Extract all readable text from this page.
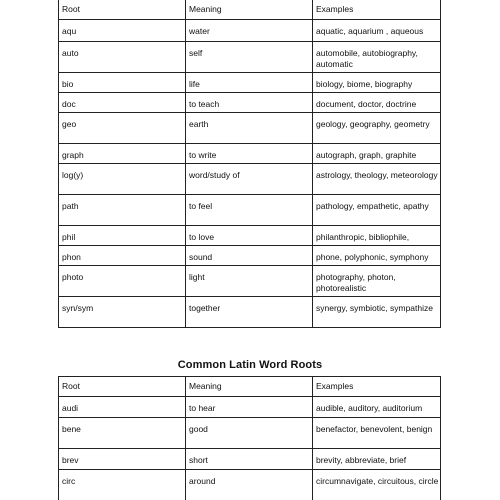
Root	Meaning	Examples
aqu	water	aquatic, aquarium , aqueous
auto	self	automobile, autobiography, automatic
bio	life	biology, biome, biography
doc	to teach	document, doctor, doctrine
geo	earth	geology, geography, geometry
graph	to write	autograph, graph, graphite
log(y)	word/study of	astrology, theology, meteorology
path	to feel	pathology, empathetic, apathy
phil	to love	philanthropic, bibliophile,
phon	sound	phone, polyphonic, symphony
photo	light	photography, photon, photorealistic
syn/sym	together	synergy, symbiotic, sympathize
Common Latin Word Roots
Root	Meaning	Examples
audi	to hear	audible, auditory, auditorium
bene	good	benefactor, benevolent, benign
brev	short	brevity, abbreviate, brief
circ	around	circumnavigate, circuitous, circle
